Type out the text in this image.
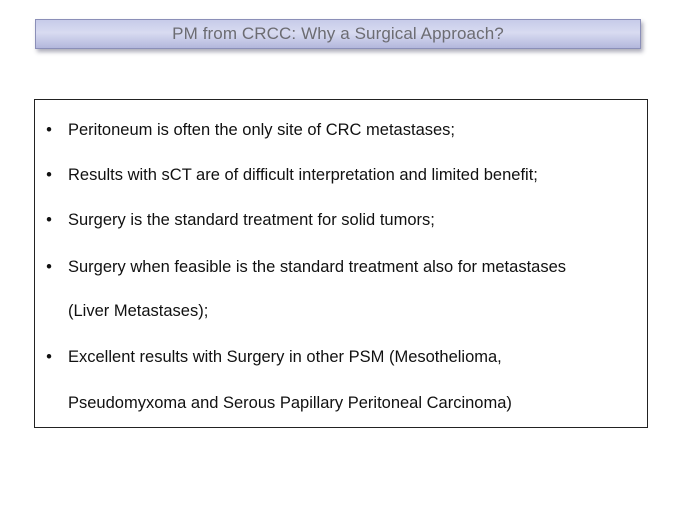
PM from CRCC: Why a Surgical Approach?
• Peritoneum is often the only site of CRC metastases;
• Results with sCT are of difficult interpretation and limited benefit;
• Surgery is the standard treatment for solid tumors;
• Surgery when feasible is the standard treatment also for metastases
(Liver Metastases);
• Excellent results with Surgery in other PSM (Mesothelioma,
Pseudomyxoma and Serous Papillary Peritoneal Carcinoma)
